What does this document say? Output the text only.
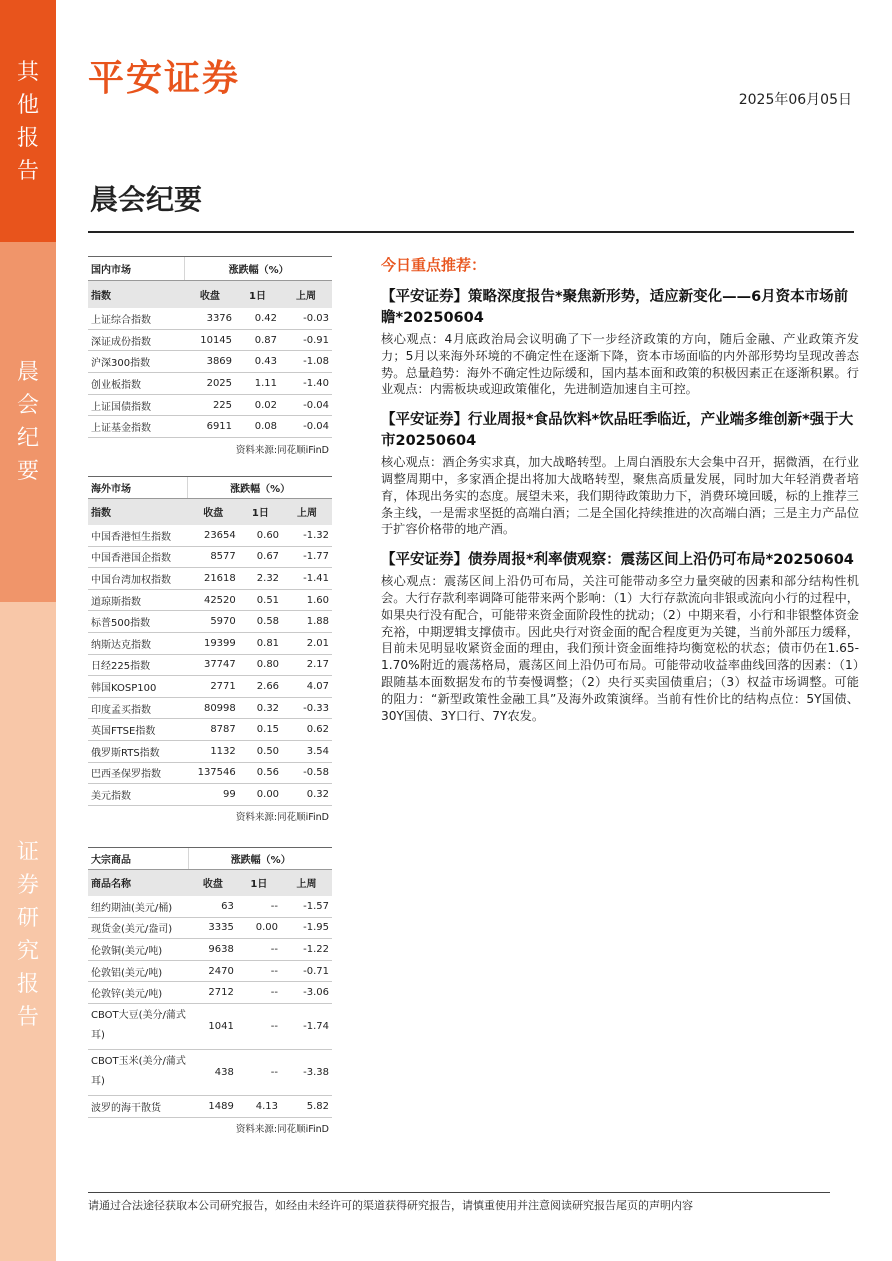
其
他
报
告
晨
会
纪
要
证
券
研
究
报
告
平安证券
2025年06月05日
晨会纪要
国内市场	涨跌幅（%）		
指数	收盘	1日	上周
上证综合指数	3376	0.42	-0.03
深证成份指数	10145	0.87	-0.91
沪深300指数	3869	0.43	-1.08
创业板指数	2025	1.11	-1.40
上证国债指数	225	0.02	-0.04
上证基金指数	6911	0.08	-0.04
资料来源:同花顺iFinD			
海外市场	涨跌幅（%）		
指数	收盘	1日	上周
中国香港恒生指数	23654	0.60	-1.32
中国香港国企指数	8577	0.67	-1.77
中国台湾加权指数	21618	2.32	-1.41
道琼斯指数	42520	0.51	1.60
标普500指数	5970	0.58	1.88
纳斯达克指数	19399	0.81	2.01
日经225指数	37747	0.80	2.17
韩国KOSP100	2771	2.66	4.07
印度孟买指数	80998	0.32	-0.33
英国FTSE指数	8787	0.15	0.62
俄罗斯RTS指数	1132	0.50	3.54
巴西圣保罗指数	137546	0.56	-0.58
美元指数	99	0.00	0.32
资料来源:同花顺iFinD			
大宗商品	涨跌幅（%）		
商品名称	收盘	1日	上周
纽约期油(美元/桶)	63	--	-1.57
现货金(美元/盎司)	3335	0.00	-1.95
伦敦铜(美元/吨)	9638	--	-1.22
伦敦铝(美元/吨)	2470	--	-0.71
伦敦锌(美元/吨)	2712	--	-3.06
CBOT大豆(美分/蒲式耳)	1041	--	-1.74
CBOT玉米(美分/蒲式耳)	438	--	-3.38
波罗的海干散货	1489	4.13	5.82
资料来源:同花顺iFinD			
今日重点推荐：
【平安证券】策略深度报告*聚焦新形势，适应新变化——6月资本市场前瞻*20250604
核心观点：4月底政治局会议明确了下一步经济政策的方向，随后金融、产业政策齐发力；5月以来海外环境的不确定性在逐渐下降，资本市场面临的内外部形势均呈现改善态势。总量趋势：海外不确定性边际缓和，国内基本面和政策的积极因素正在逐渐积累。行业观点：内需板块或迎政策催化，先进制造加速自主可控。
【平安证券】行业周报*食品饮料*饮品旺季临近，产业端多维创新*强于大市20250604
核心观点：酒企务实求真，加大战略转型。上周白酒股东大会集中召开，据微酒，在行业调整周期中，多家酒企提出将加大战略转型，聚焦高质量发展，同时加大年轻消费者培育，体现出务实的态度。展望未来，我们期待政策助力下，消费环境回暖，标的上推荐三条主线，一是需求坚挺的高端白酒；二是全国化持续推进的次高端白酒；三是主力产品位于扩容价格带的地产酒。
【平安证券】债券周报*利率债观察：震荡区间上沿仍可布局*20250604
核心观点：震荡区间上沿仍可布局，关注可能带动多空力量突破的因素和部分结构性机会。大行存款利率调降可能带来两个影响：（1）大行存款流向非银或流向小行的过程中，如果央行没有配合，可能带来资金面阶段性的扰动；（2）中期来看，小行和非银整体资金充裕，中期逻辑支撑债市。因此央行对资金面的配合程度更为关键，当前外部压力缓释，目前未见明显收紧资金面的理由，我们预计资金面维持均衡宽松的状态；债市仍在1.65-1.70%附近的震荡格局，震荡区间上沿仍可布局。可能带动收益率曲线回落的因素：（1）跟随基本面数据发布的节奏慢调整；（2）央行买卖国债重启；（3）权益市场调整。可能的阻力：“新型政策性金融工具”及海外政策演绎。当前有性价比的结构点位：5Y国债、30Y国债、3Y口行、7Y农发。
请通过合法途径获取本公司研究报告，如经由未经许可的渠道获得研究报告，请慎重使用并注意阅读研究报告尾页的声明内容
